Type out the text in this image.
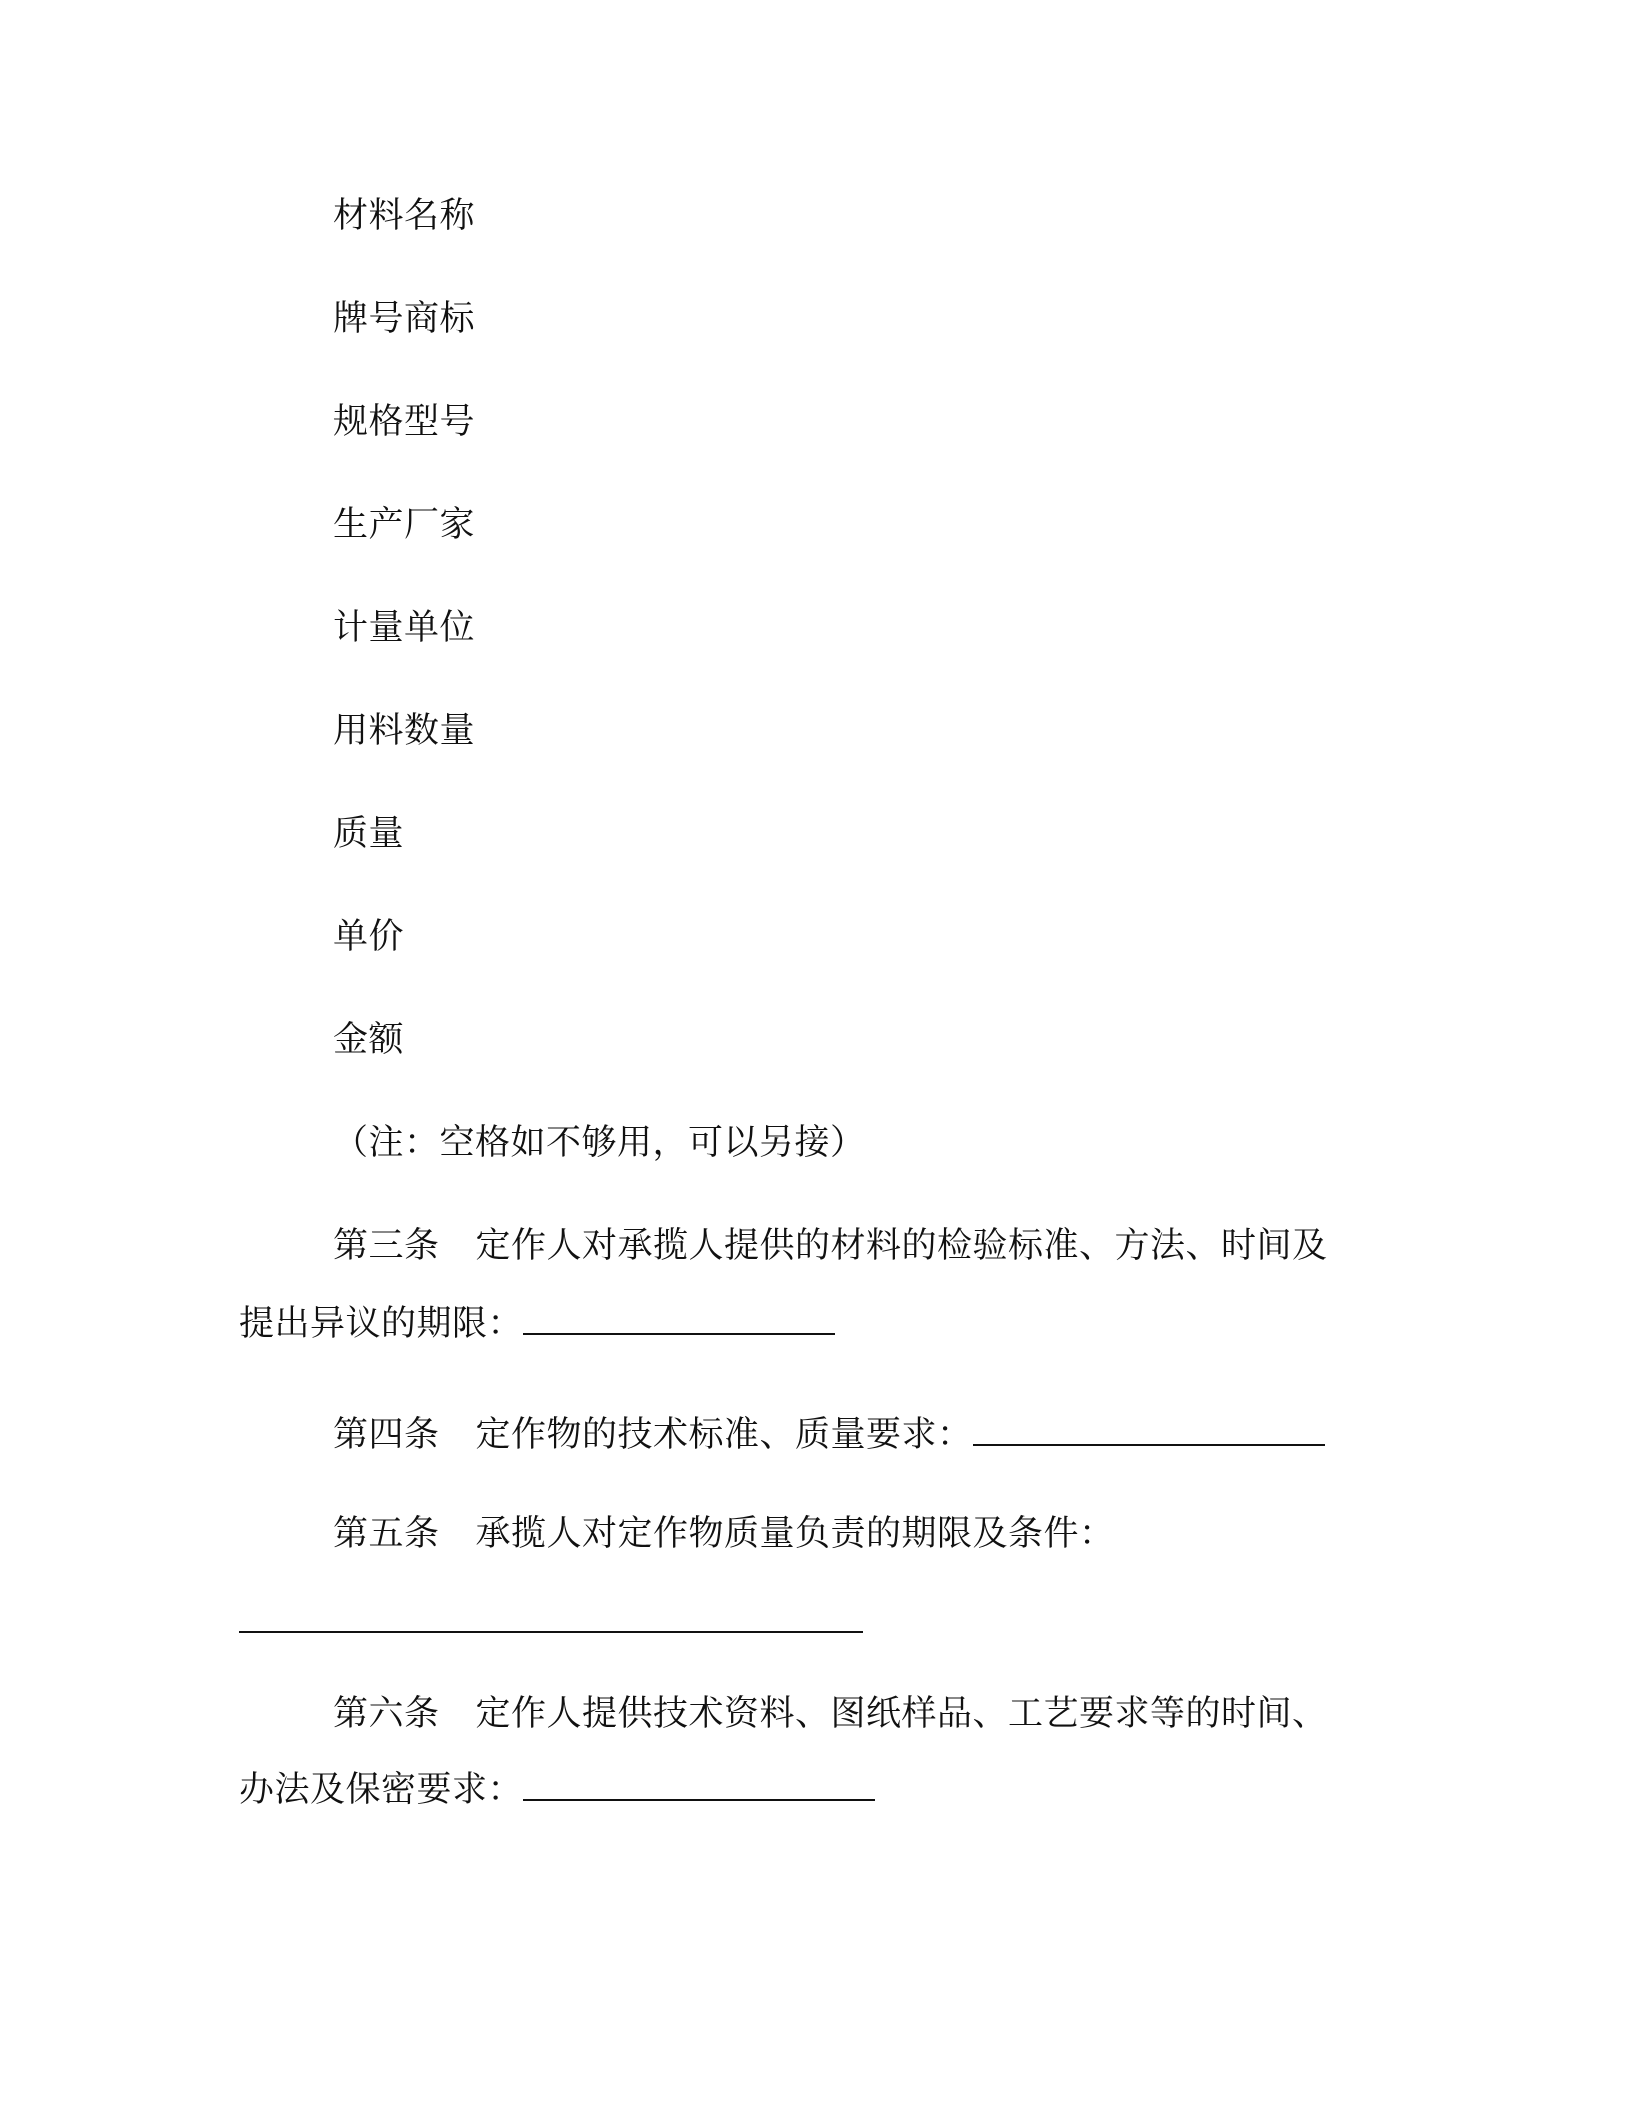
材料名称
牌号商标
规格型号
生产厂家
计量单位
用料数量
质量
单价
金额
（注：空格如不够用，可以另接）
第三条 定作人对承揽人提供的材料的检验标准、方法、时间及
提出异议的期限：
第四条 定作物的技术标准、质量要求：
第五条 承揽人对定作物质量负责的期限及条件：
第六条 定作人提供技术资料、图纸样品、工艺要求等的时间、
办法及保密要求：
